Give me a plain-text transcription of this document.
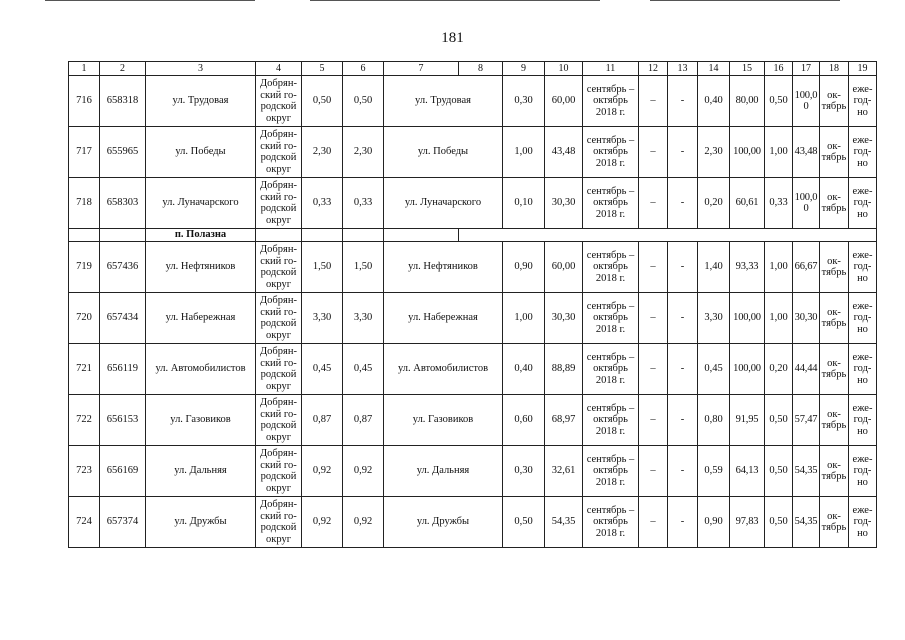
181
1	2	3	4	5	6	7	8	9	10	11	12	13	14	15	16	17	18	19
716	658318	ул. Трудовая	Добрян-ский го-родской округ	0,50	0,50	ул. Трудовая		0,30	60,00	сентябрь – октябрь 2018 г.	–	-	0,40	80,00	0,50	100,0 0	ок-тябрь	еже-год-но
717	655965	ул. Победы	Добрян-ский го-родской округ	2,30	2,30	ул. Победы		1,00	43,48	сентябрь – октябрь 2018 г.	–	-	2,30	100,00	1,00	43,48	ок-тябрь	еже-год-но
718	658303	ул. Луначарского	Добрян-ский го-родской округ	0,33	0,33	ул. Луначарского		0,10	30,30	сентябрь – октябрь 2018 г.	–	-	0,20	60,61	0,33	100,0 0	ок-тябрь	еже-год-но
		п. Полазна																
719	657436	ул. Нефтяников	Добрян-ский го-родской округ	1,50	1,50	ул. Нефтяников		0,90	60,00	сентябрь – октябрь 2018 г.	–	-	1,40	93,33	1,00	66,67	ок-тябрь	еже-год-но
720	657434	ул. Набережная	Добрян-ский го-родской округ	3,30	3,30	ул. Набережная		1,00	30,30	сентябрь – октябрь 2018 г.	–	-	3,30	100,00	1,00	30,30	ок-тябрь	еже-год-но
721	656119	ул. Автомобилистов	Добрян-ский го-родской округ	0,45	0,45	ул. Автомобилистов		0,40	88,89	сентябрь – октябрь 2018 г.	–	-	0,45	100,00	0,20	44,44	ок-тябрь	еже-год-но
722	656153	ул. Газовиков	Добрян-ский го-родской округ	0,87	0,87	ул. Газовиков		0,60	68,97	сентябрь – октябрь 2018 г.	–	-	0,80	91,95	0,50	57,47	ок-тябрь	еже-год-но
723	656169	ул. Дальняя	Добрян-ский го-родской округ	0,92	0,92	ул. Дальняя		0,30	32,61	сентябрь – октябрь 2018 г.	–	-	0,59	64,13	0,50	54,35	ок-тябрь	еже-год-но
724	657374	ул. Дружбы	Добрян-ский го-родской округ	0,92	0,92	ул. Дружбы		0,50	54,35	сентябрь – октябрь 2018 г.	–	-	0,90	97,83	0,50	54,35	ок-тябрь	еже-год-но
